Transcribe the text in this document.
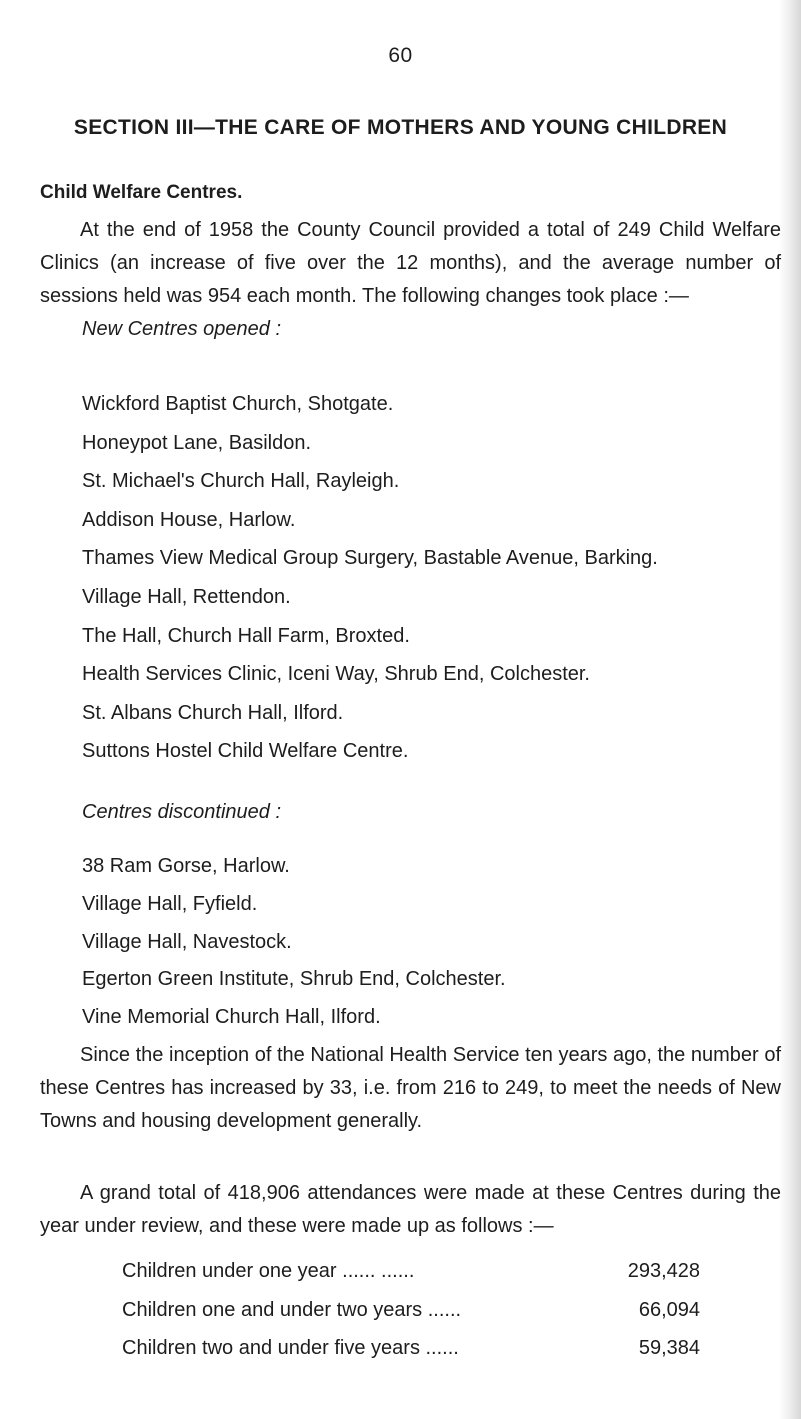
60
SECTION III—THE CARE OF MOTHERS AND YOUNG CHILDREN
Child Welfare Centres.

At the end of 1958 the County Council provided a total of 249 Child Welfare Clinics (an increase of five over the 12 months), and the average number of sessions held was 954 each month. The following changes took place :—

New Centres opened :
Wickford Baptist Church, Shotgate.
Honeypot Lane, Basildon.
St. Michael's Church Hall, Rayleigh.
Addison House, Harlow.
Thames View Medical Group Surgery, Bastable Avenue, Barking.
Village Hall, Rettendon.
The Hall, Church Hall Farm, Broxted.
Health Services Clinic, Iceni Way, Shrub End, Colchester.
St. Albans Church Hall, Ilford.
Suttons Hostel Child Welfare Centre.
Centres discontinued :
38 Ram Gorse, Harlow.
Village Hall, Fyfield.
Village Hall, Navestock.
Egerton Green Institute, Shrub End, Colchester.
Vine Memorial Church Hall, Ilford.

Since the inception of the National Health Service ten years ago, the number of these Centres has increased by 33, i.e. from 216 to 249, to meet the needs of New Towns and housing development generally.

A grand total of 418,906 attendances were made at these Centres during the year under review, and these were made up as follows :—

Children under one year ...... ......	293,428
Children one and under two years ......	66,094
Children two and under five years ......	59,384
